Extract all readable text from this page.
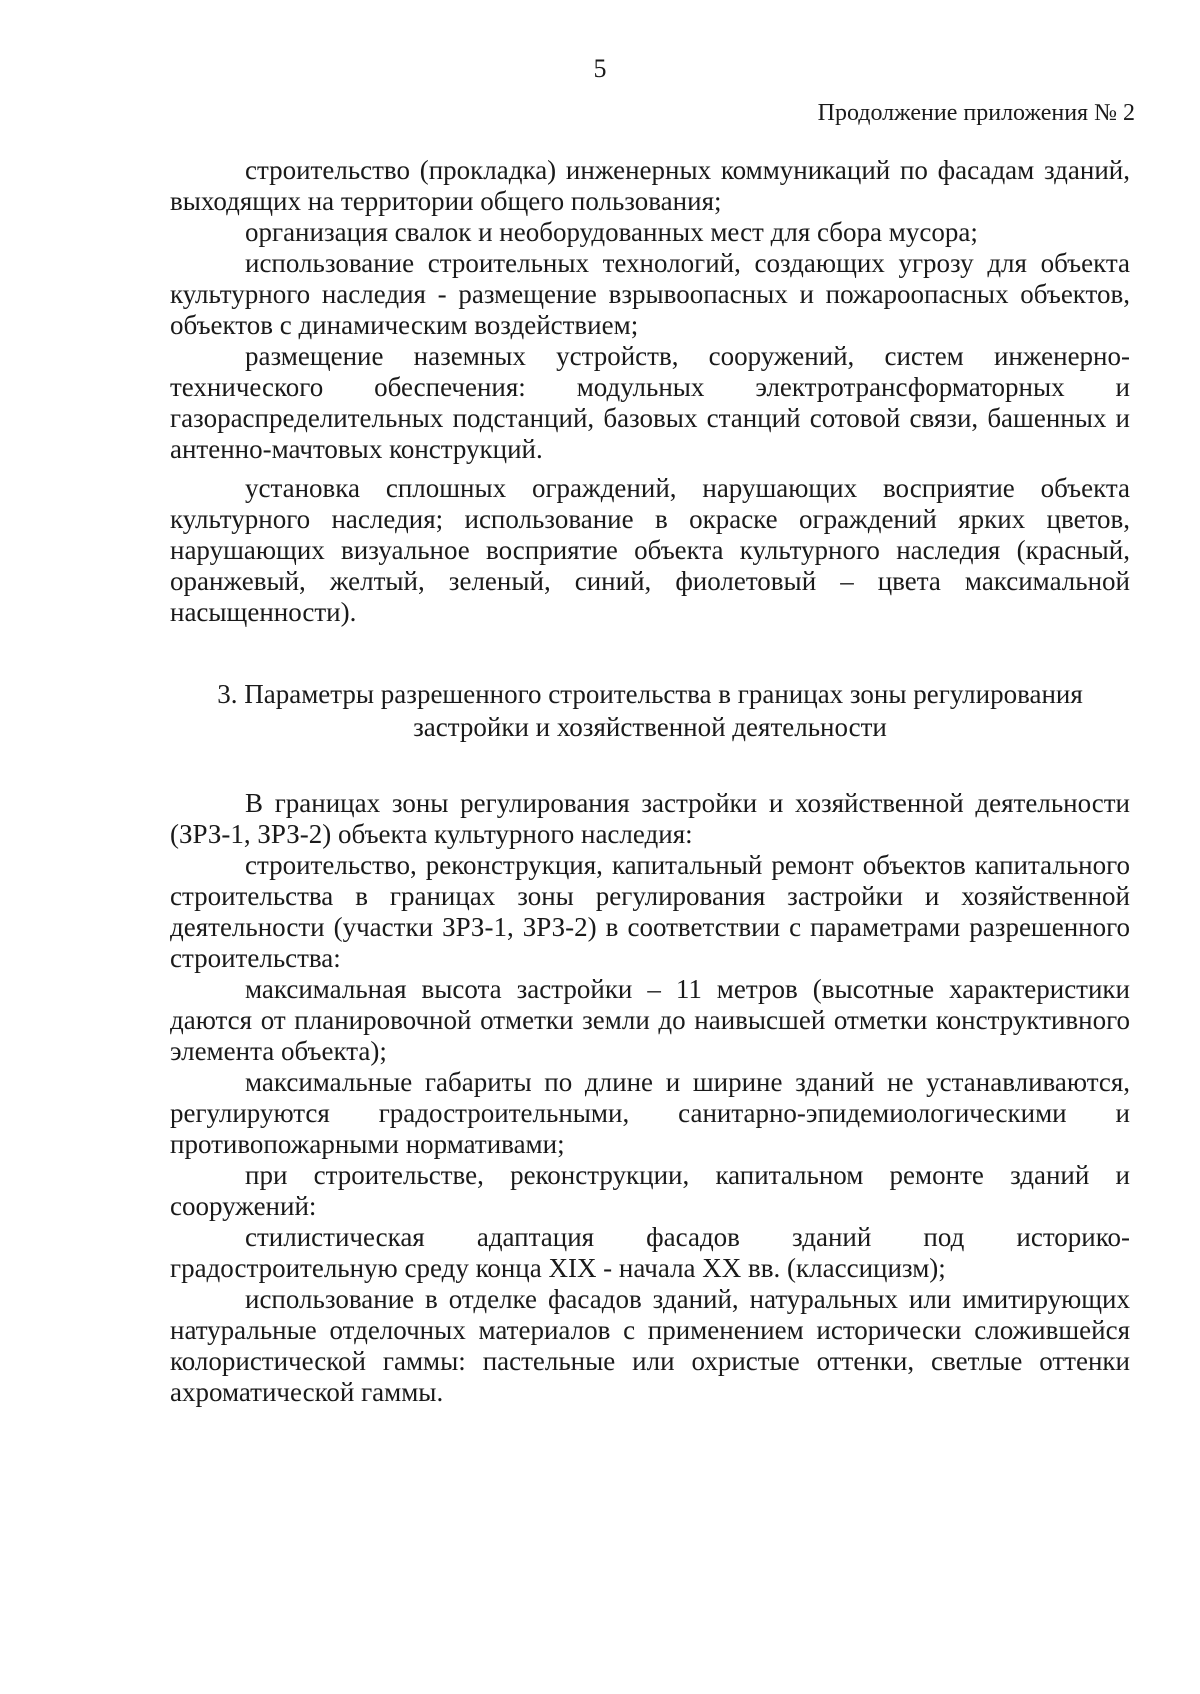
5
Продолжение приложения № 2

строительство (прокладка) инженерных коммуникаций по фасадам зданий, выходящих на территории общего пользования;

организация свалок и необорудованных мест для сбора мусора;

использование строительных технологий, создающих угрозу для объекта культурного наследия - размещение взрывоопасных и пожароопасных объектов, объектов с динамическим воздействием;

размещение наземных устройств, сооружений, систем инженерно-технического обеспечения: модульных электротрансформаторных и газораспределительных подстанций, базовых станций сотовой связи, башенных и антенно-мачтовых конструкций.

установка сплошных ограждений, нарушающих восприятие объекта культурного наследия; использование в окраске ограждений ярких цветов, нарушающих визуальное восприятие объекта культурного наследия (красный, оранжевый, желтый, зеленый, синий, фиолетовый – цвета максимальной насыщенности).

3. Параметры разрешенного строительства в границах зоны регулирования
застройки и хозяйственной деятельности

В границах зоны регулирования застройки и хозяйственной деятельности (ЗРЗ-1, ЗРЗ-2) объекта культурного наследия:

строительство, реконструкция, капитальный ремонт объектов капитального строительства в границах зоны регулирования застройки и хозяйственной деятельности (участки ЗРЗ-1, ЗРЗ-2) в соответствии с параметрами разрешенного строительства:

максимальная высота застройки – 11 метров (высотные характеристики даются от планировочной отметки земли до наивысшей отметки конструктивного элемента объекта);

максимальные габариты по длине и ширине зданий не устанавливаются, регулируются градостроительными, санитарно-эпидемиологическими и противопожарными нормативами;

при строительстве, реконструкции, капитальном ремонте зданий и сооружений:

стилистическая адаптация фасадов зданий под историко-градостроительную среду конца XIX - начала XX вв. (классицизм);

использование в отделке фасадов зданий, натуральных или имитирующих натуральные отделочных материалов с применением исторически сложившейся колористической гаммы: пастельные или охристые оттенки, светлые оттенки ахроматической гаммы.
